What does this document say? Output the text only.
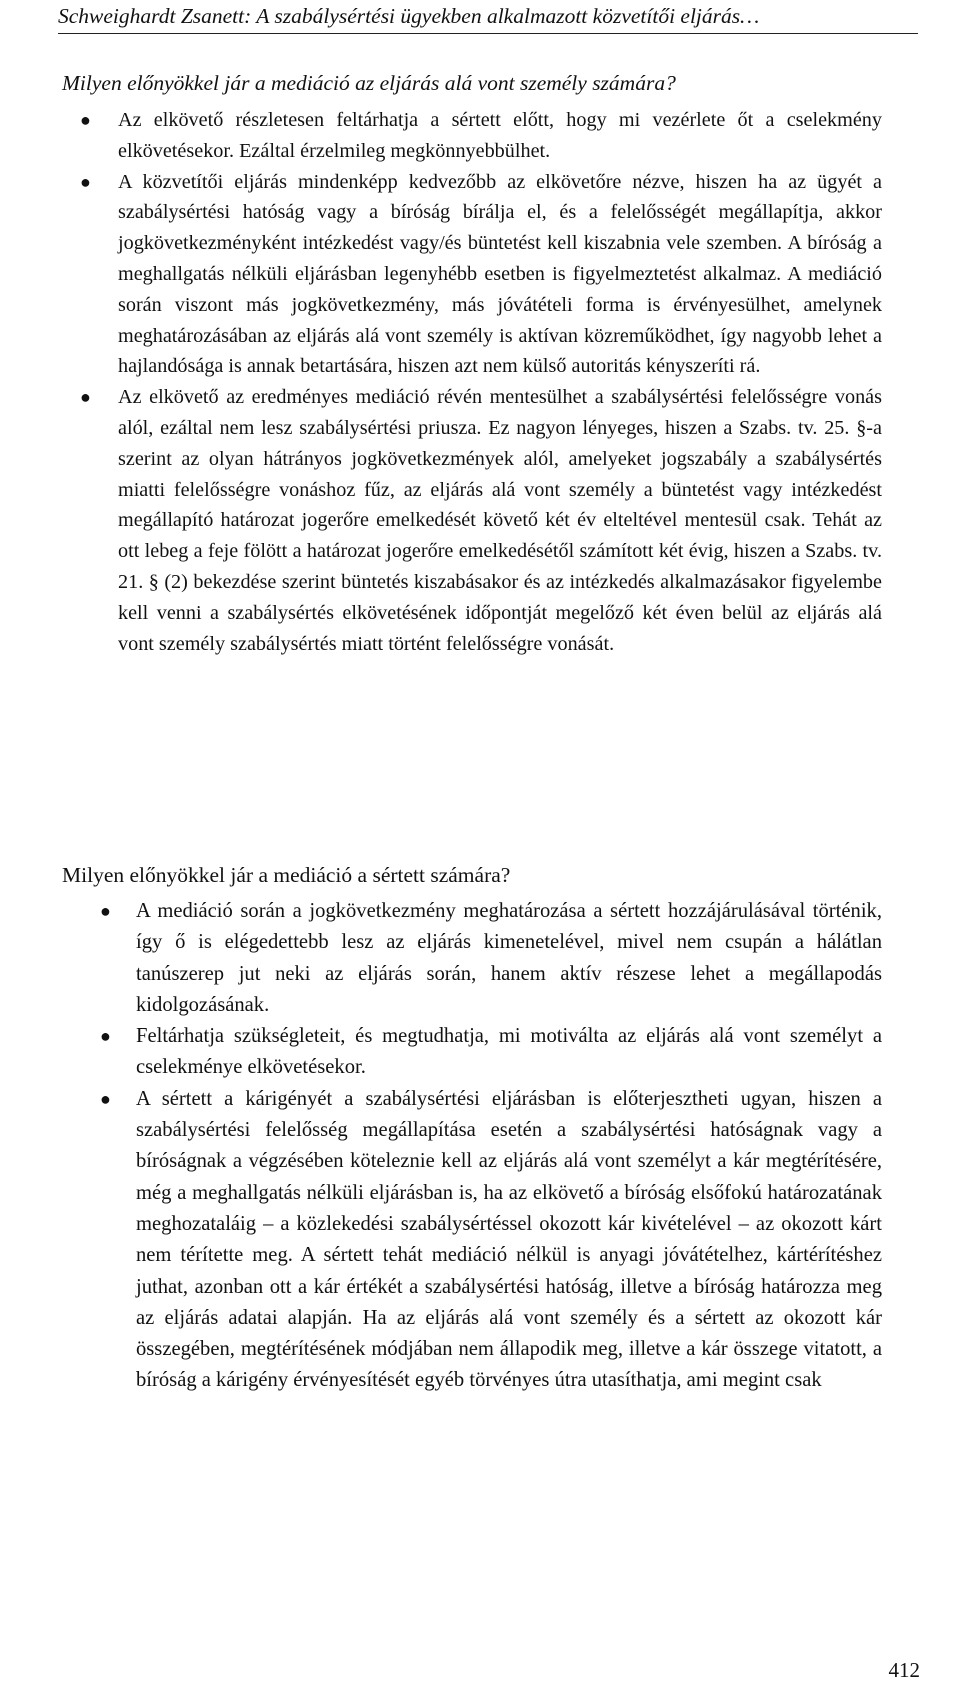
Schweighardt Zsanett: A szabálysértési ügyekben alkalmazott közvetítői eljárás…
Milyen előnyökkel jár a mediáció az eljárás alá vont személy számára?
● Az elkövető részletesen feltárhatja a sértett előtt, hogy mi vezérlete őt a cselekmény elkövetésekor. Ezáltal érzelmileg megkönnyebbülhet.
● A közvetítői eljárás mindenképp kedvezőbb az elkövetőre nézve, hiszen ha az ügyét a szabálysértési hatóság vagy a bíróság bírálja el, és a felelősségét megállapítja, akkor jogkövetkezményként intézkedést vagy/és büntetést kell kiszabnia vele szemben. A bíróság a meghallgatás nélküli eljárásban legenyhébb esetben is figyelmeztetést alkalmaz. A mediáció során viszont más jogkövetkezmény, más jóvátételi forma is érvényesülhet, amelynek meghatározásában az eljárás alá vont személy is aktívan közreműködhet, így nagyobb lehet a hajlandósága is annak betartására, hiszen azt nem külső autoritás kényszeríti rá.
● Az elkövető az eredményes mediáció révén mentesülhet a szabálysértési felelősségre vonás alól, ezáltal nem lesz szabálysértési priusza. Ez nagyon lényeges, hiszen a Szabs. tv. 25. §-a szerint az olyan hátrányos jogkövetkezmények alól, amelyeket jogszabály a szabálysértés miatti felelősségre vonáshoz fűz, az eljárás alá vont személy a büntetést vagy intézkedést megállapító határozat jogerőre emelkedését követő két év elteltével mentesül csak. Tehát az ott lebeg a feje fölött a határozat jogerőre emelkedésétől számított két évig, hiszen a Szabs. tv. 21. § (2) bekezdése szerint büntetés kiszabásakor és az intézkedés alkalmazásakor figyelembe kell venni a szabálysértés elkövetésének időpontját megelőző két éven belül az eljárás alá vont személy szabálysértés miatt történt felelősségre vonását.
Milyen előnyökkel jár a mediáció a sértett számára?
● A mediáció során a jogkövetkezmény meghatározása a sértett hozzájárulásával történik, így ő is elégedettebb lesz az eljárás kimenetelével, mivel nem csupán a hálátlan tanúszerep jut neki az eljárás során, hanem aktív részese lehet a megállapodás kidolgozásának.
● Feltárhatja szükségleteit, és megtudhatja, mi motiválta az eljárás alá vont személyt a cselekménye elkövetésekor.
● A sértett a kárigényét a szabálysértési eljárásban is előterjesztheti ugyan, hiszen a szabálysértési felelősség megállapítása esetén a szabálysértési hatóságnak vagy a bíróságnak a végzésében köteleznie kell az eljárás alá vont személyt a kár megtérítésére, még a meghallgatás nélküli eljárásban is, ha az elkövető a bíróság elsőfokú határozatának meghozataláig – a közlekedési szabálysértéssel okozott kár kivételével – az okozott kárt nem térítette meg. A sértett tehát mediáció nélkül is anyagi jóvátételhez, kártérítéshez juthat, azonban ott a kár értékét a szabálysértési hatóság, illetve a bíróság határozza meg az eljárás adatai alapján. Ha az eljárás alá vont személy és a sértett az okozott kár összegében, megtérítésének módjában nem állapodik meg, illetve a kár összege vitatott, a bíróság a kárigény érvényesítését egyéb törvényes útra utasíthatja, ami megint csak
412
